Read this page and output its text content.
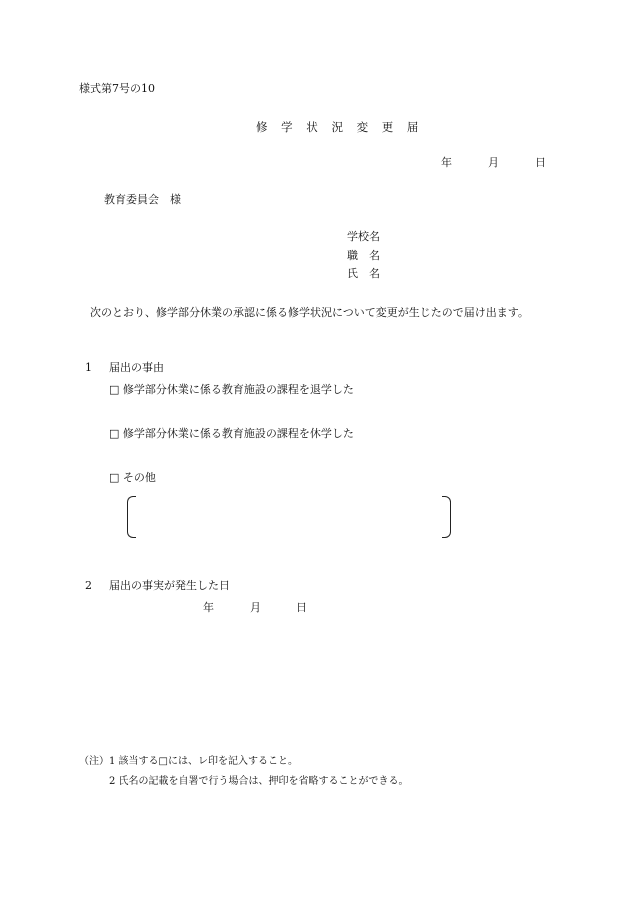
様式第7号の10
修 学 状 況 変 更 届
年	月	日
教育委員会　様
学校名
職　名
氏　名
次のとおり、修学部分休業の承認に係る修学状況について変更が生じたので届け出ます。
1 届出の事由
□ 修学部分休業に係る教育施設の課程を退学した
□ 修学部分休業に係る教育施設の課程を休学した
□ その他
2 届出の事実が発生した日
年	月	日
（注） 1 該当する□には、レ印を記入すること。
2 氏名の記載を自署で行う場合は、押印を省略することができる。
